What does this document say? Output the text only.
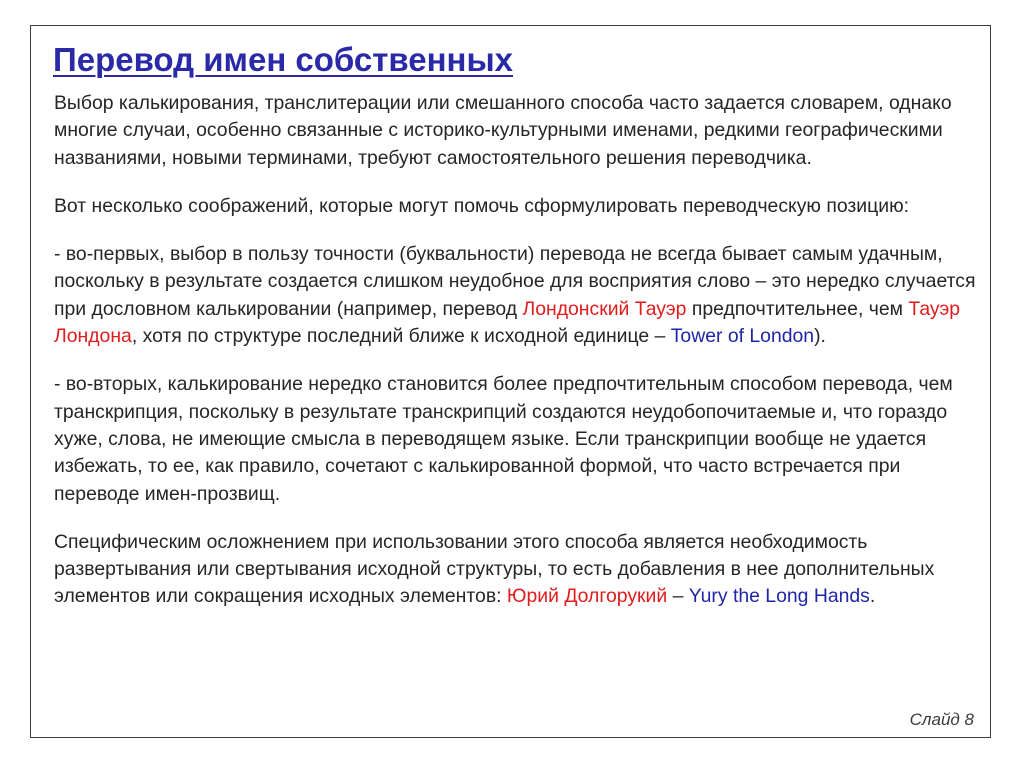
Перевод имен собственных

Выбор калькирования, транслитерации или смешанного способа часто задается словарем, однако многие случаи, особенно связанные с историко-культурными именами, редкими географическими названиями, новыми терминами, требуют самостоятельного решения переводчика.

Вот несколько соображений, которые могут помочь сформулировать переводческую позицию:

- во-первых, выбор в пользу точности (буквальности) перевода не всегда бывает самым удачным, поскольку в результате создается слишком неудобное для восприятия слово – это нередко случается при дословном калькировании (например, перевод Лондонский Тауэр предпочтительнее, чем Тауэр Лондона, хотя по структуре последний ближе к исходной единице – Tower of London).

- во-вторых, калькирование нередко становится более предпочтительным способом перевода, чем транскрипция, поскольку в результате транскрипций создаются неудобопочитаемые и, что гораздо хуже, слова, не имеющие смысла в переводящем языке. Если транскрипции вообще не удается избежать, то ее, как правило, сочетают с калькированной формой, что часто встречается при переводе имен-прозвищ.

Специфическим осложнением при использовании этого способа является необходимость развертывания или свертывания исходной структуры, то есть добавления в нее дополнительных элементов или сокращения исходных элементов: Юрий Долгорукий – Yury the Long Hands.

Слайд 8
